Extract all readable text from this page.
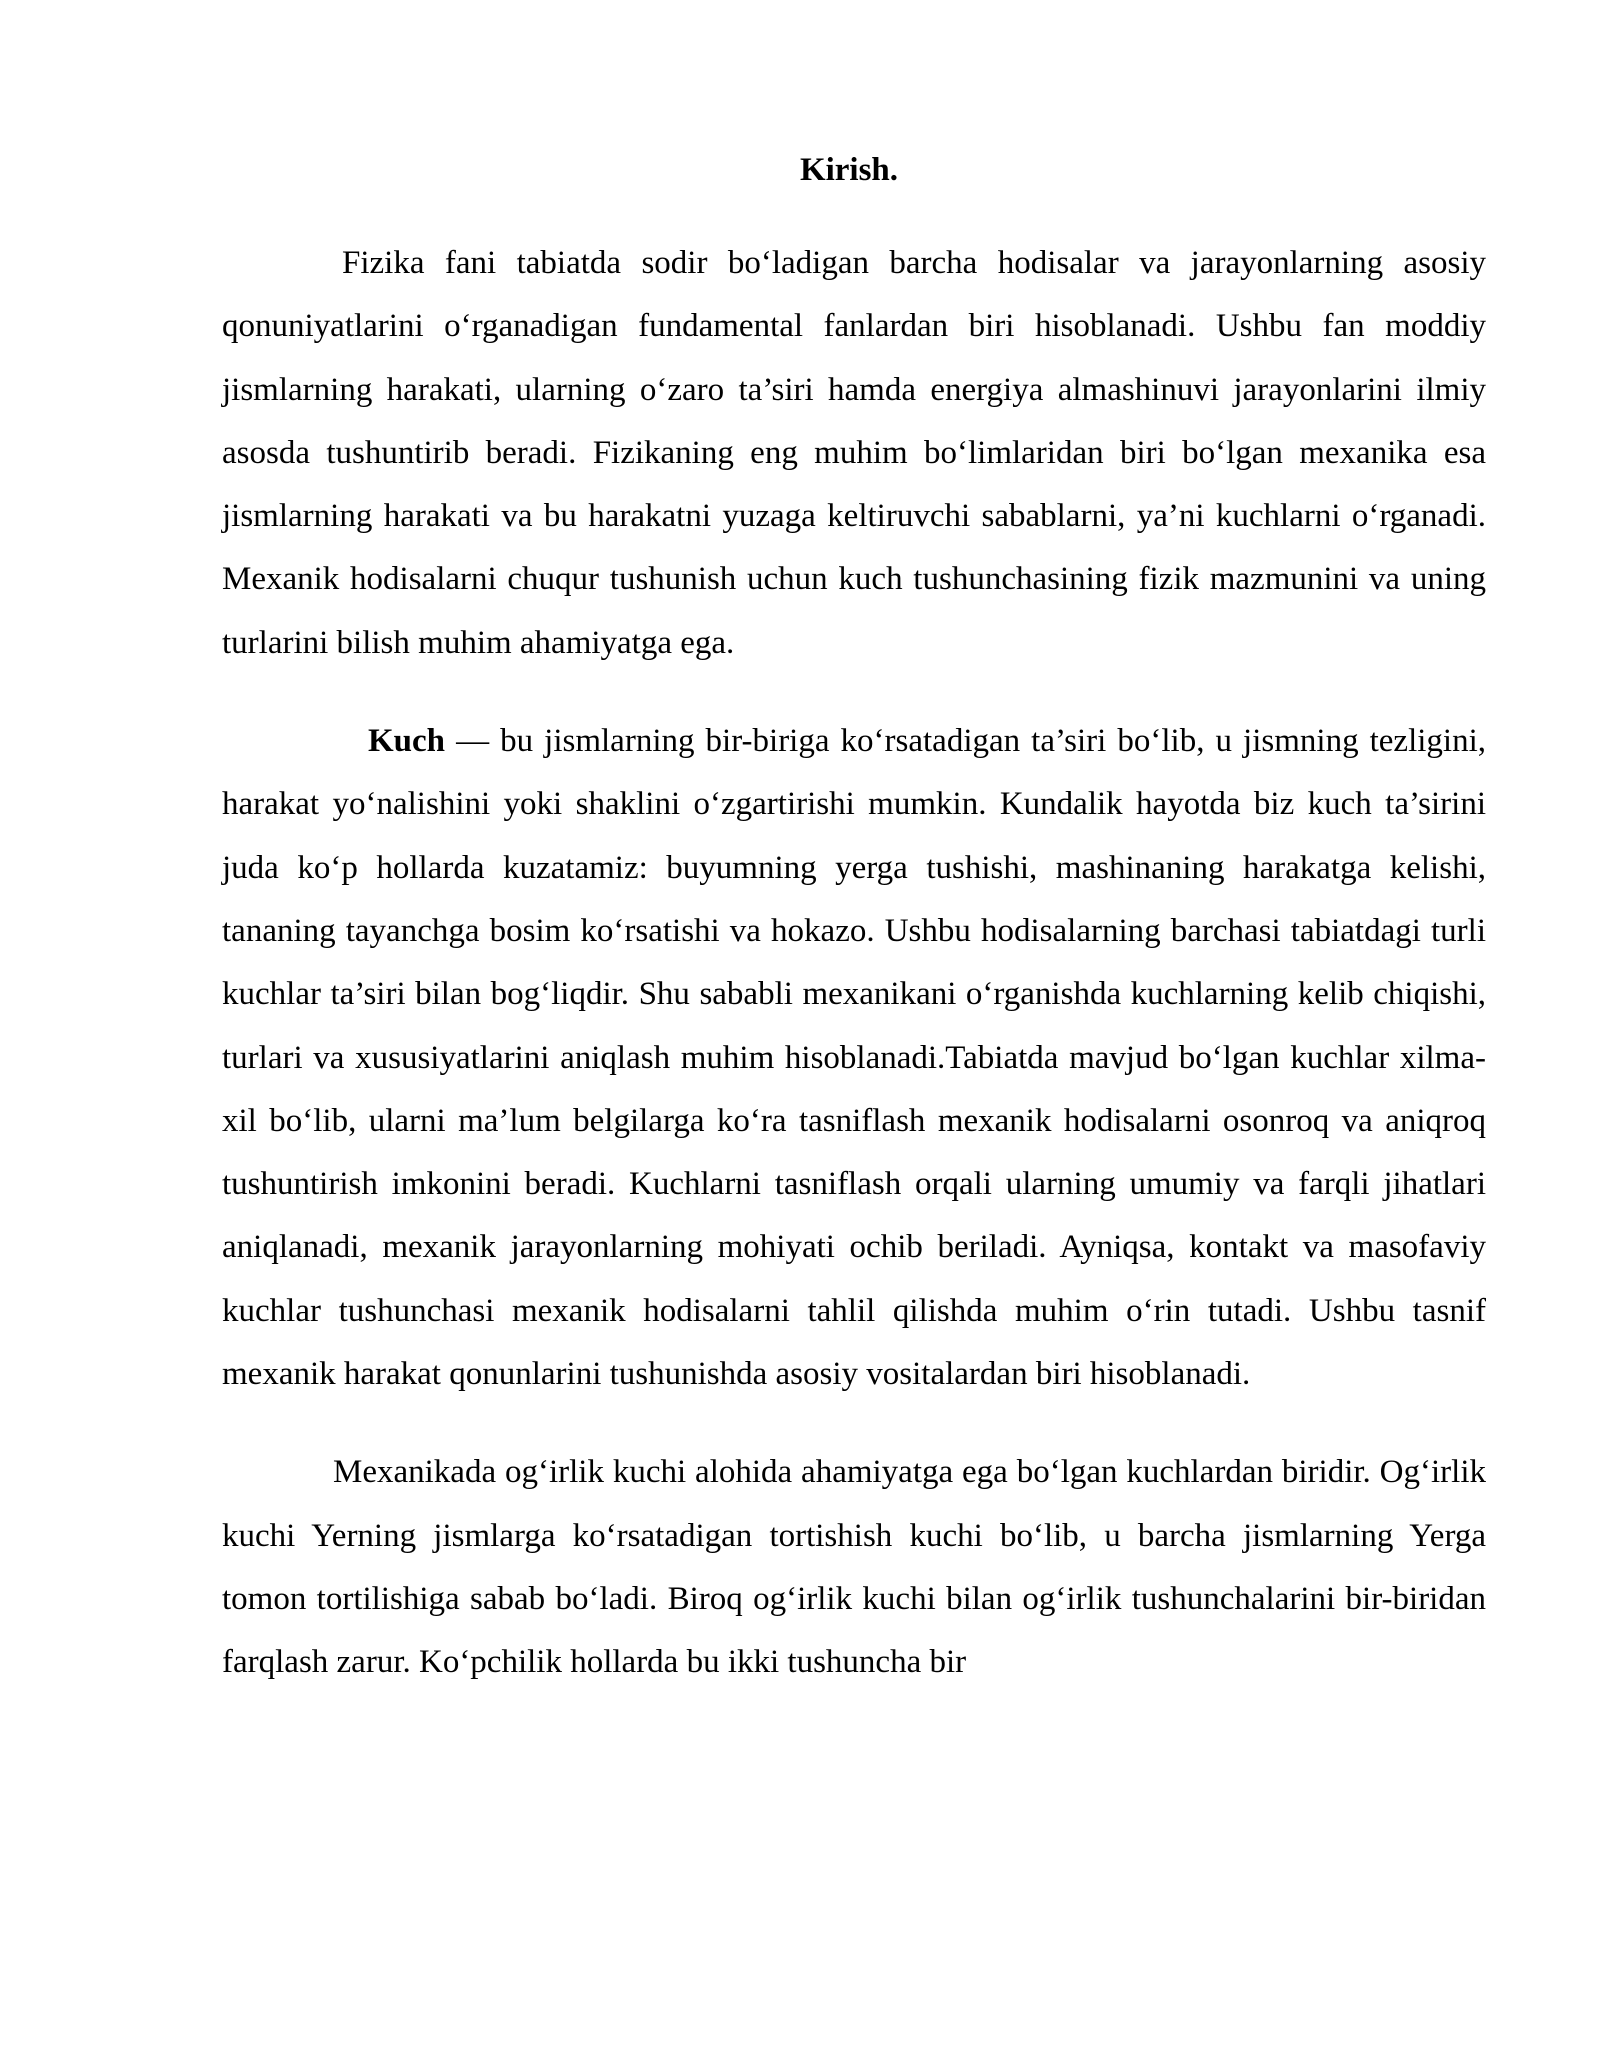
Kirish.

Fizika fani tabiatda sodir bo‘ladigan barcha hodisalar va jarayonlarning asosiy qonuniyatlarini o‘rganadigan fundamental fanlardan biri hisoblanadi. Ushbu fan moddiy jismlarning harakati, ularning o‘zaro ta’siri hamda energiya almashinuvi jarayonlarini ilmiy asosda tushuntirib beradi. Fizikaning eng muhim bo‘limlaridan biri bo‘lgan mexanika esa jismlarning harakati va bu harakatni yuzaga keltiruvchi sabablarni, ya’ni kuchlarni o‘rganadi. Mexanik hodisalarni chuqur tushunish uchun kuch tushunchasining fizik mazmunini va uning turlarini bilish muhim ahamiyatga ega.

Kuch — bu jismlarning bir-biriga ko‘rsatadigan ta’siri bo‘lib, u jismning tezligini, harakat yo‘nalishini yoki shaklini o‘zgartirishi mumkin. Kundalik hayotda biz kuch ta’sirini juda ko‘p hollarda kuzatamiz: buyumning yerga tushishi, mashinaning harakatga kelishi, tananing tayanchga bosim ko‘rsatishi va hokazo. Ushbu hodisalarning barchasi tabiatdagi turli kuchlar ta’siri bilan bog‘liqdir. Shu sababli mexanikani o‘rganishda kuchlarning kelib chiqishi, turlari va xususiyatlarini aniqlash muhim hisoblanadi.Tabiatda mavjud bo‘lgan kuchlar xilma-xil bo‘lib, ularni ma’lum belgilarga ko‘ra tasniflash mexanik hodisalarni osonroq va aniqroq tushuntirish imkonini beradi. Kuchlarni tasniflash orqali ularning umumiy va farqli jihatlari aniqlanadi, mexanik jarayonlarning mohiyati ochib beriladi. Ayniqsa, kontakt va masofaviy kuchlar tushunchasi mexanik hodisalarni tahlil qilishda muhim o‘rin tutadi. Ushbu tasnif mexanik harakat qonunlarini tushunishda asosiy vositalardan biri hisoblanadi.

Mexanikada og‘irlik kuchi alohida ahamiyatga ega bo‘lgan kuchlardan biridir. Og‘irlik kuchi Yerning jismlarga ko‘rsatadigan tortishish kuchi bo‘lib, u barcha jismlarning Yerga tomon tortilishiga sabab bo‘ladi. Biroq og‘irlik kuchi bilan og‘irlik tushunchalarini bir-biridan farqlash zarur. Ko‘pchilik hollarda bu ikki tushuncha bir
